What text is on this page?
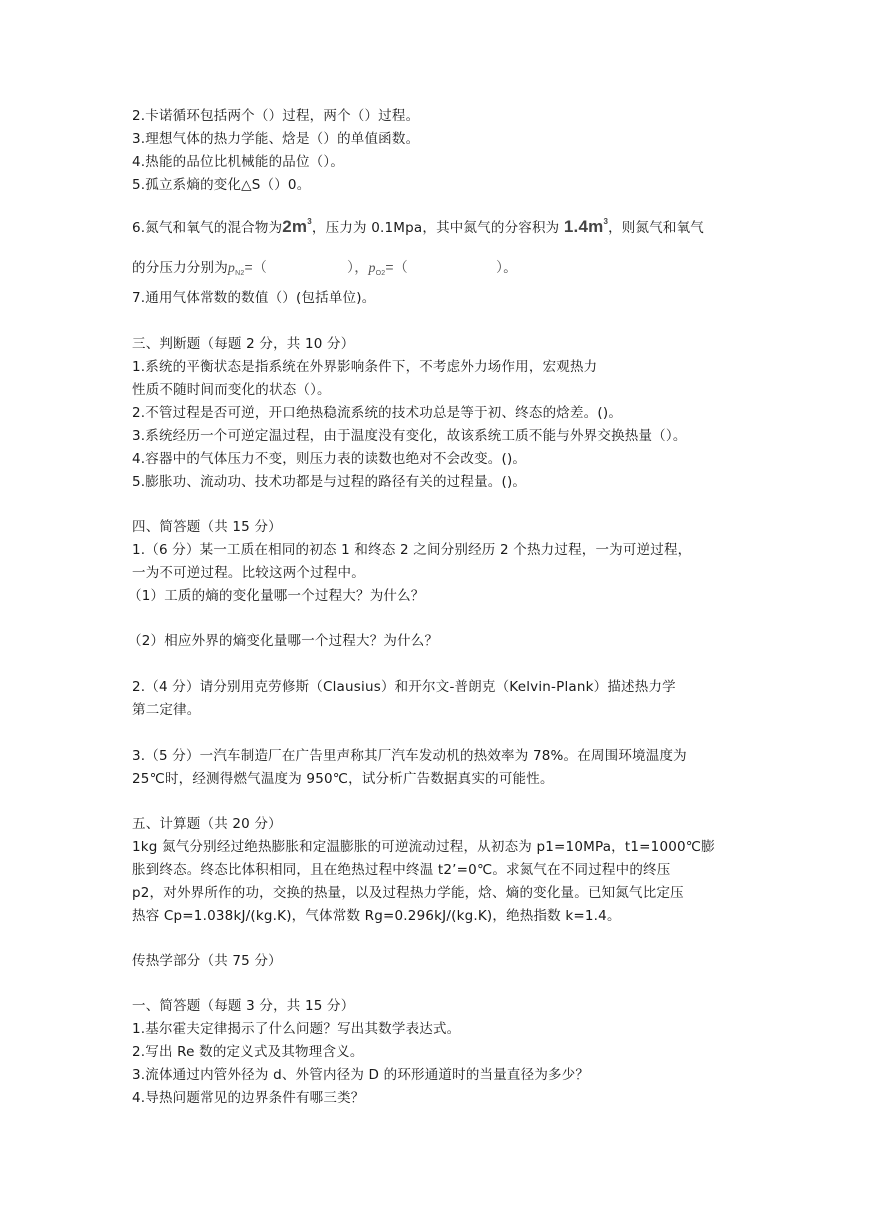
2.卡诺循环包括两个（）过程，两个（）过程。
3.理想气体的热力学能、焓是（）的单值函数。
4.热能的品位比机械能的品位（）。
5.孤立系熵的变化△S（）0。
6.氮气和氧气的混合物为$2m^3$，压力为 0.1Mpa，其中氮气的分容积为 $1.4m^3$，则氮气和氧气
的分压力分别为$p_{N2}=$（	），$p_{O2}=$（	）。
7.通用气体常数的数值（）(包括单位)。
三、判断题（每题 2 分，共 10 分）
1.系统的平衡状态是指系统在外界影响条件下，不考虑外力场作用，宏观热力
性质不随时间而变化的状态（）。
2.不管过程是否可逆，开口绝热稳流系统的技术功总是等于初、终态的焓差。()。
3.系统经历一个可逆定温过程，由于温度没有变化，故该系统工质不能与外界交换热量（）。
4.容器中的气体压力不变，则压力表的读数也绝对不会改变。()。
5.膨胀功、流动功、技术功都是与过程的路径有关的过程量。()。
四、简答题（共 15 分）
1.（6 分）某一工质在相同的初态 1 和终态 2 之间分别经历 2 个热力过程，一为可逆过程，
一为不可逆过程。比较这两个过程中。
（1）工质的熵的变化量哪一个过程大？为什么？
（2）相应外界的熵变化量哪一个过程大？为什么？
2.（4 分）请分别用克劳修斯（Clausius）和开尔文-普朗克（Kelvin-Plank）描述热力学
第二定律。
3.（5 分）一汽车制造厂在广告里声称其厂汽车发动机的热效率为 78%。在周围环境温度为
25℃时，经测得燃气温度为 950℃，试分析广告数据真实的可能性。
五、计算题（共 20 分）
1kg 氮气分别经过绝热膨胀和定温膨胀的可逆流动过程，从初态为 p1=10MPa，t1=1000℃膨
胀到终态。终态比体积相同，且在绝热过程中终温 t2’=0℃。求氮气在不同过程中的终压
p2，对外界所作的功，交换的热量，以及过程热力学能，焓、熵的变化量。已知氮气比定压
热容 Cp=1.038kJ/(kg.K)，气体常数 Rg=0.296kJ/(kg.K)，绝热指数 k=1.4。
传热学部分（共 75 分）
一、简答题（每题 3 分，共 15 分）
1.基尔霍夫定律揭示了什么问题？写出其数学表达式。
2.写出 Re 数的定义式及其物理含义。
3.流体通过内管外径为 d、外管内径为 D 的环形通道时的当量直径为多少？
4.导热问题常见的边界条件有哪三类？
